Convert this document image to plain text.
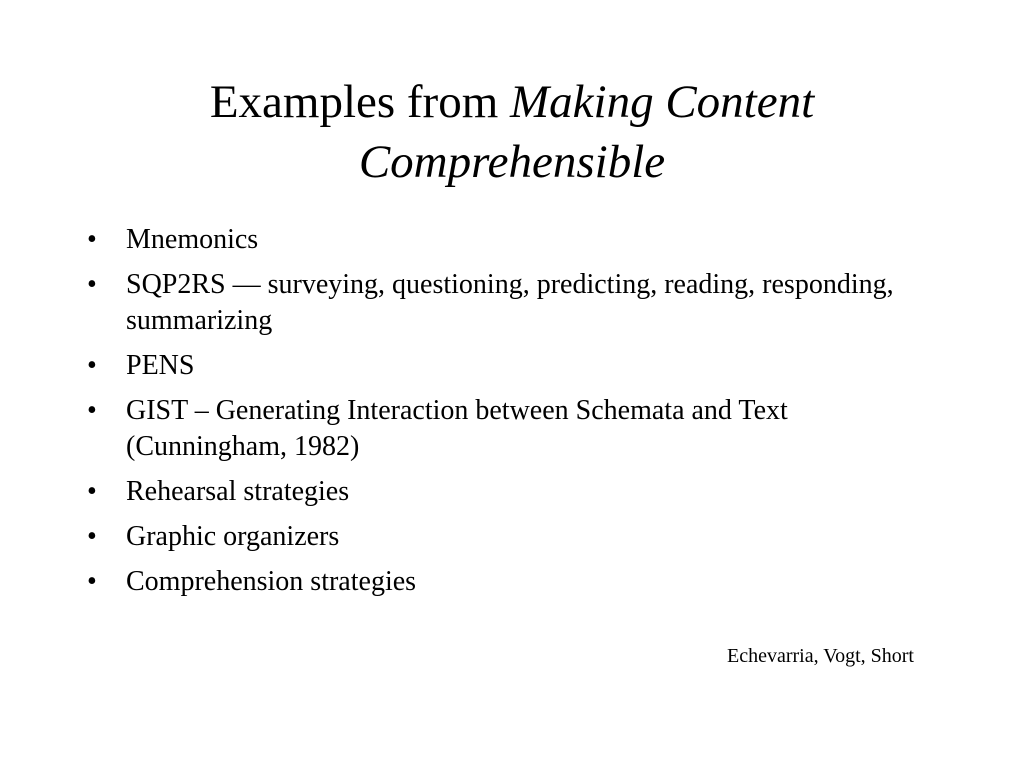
Examples from Making Content Comprehensible
• Mnemonics
• SQP2RS — surveying, questioning, predicting, reading, responding, summarizing
• PENS
• GIST – Generating Interaction between Schemata and Text (Cunningham, 1982)
• Rehearsal strategies
• Graphic organizers
• Comprehension strategies
Echevarria, Vogt, Short
